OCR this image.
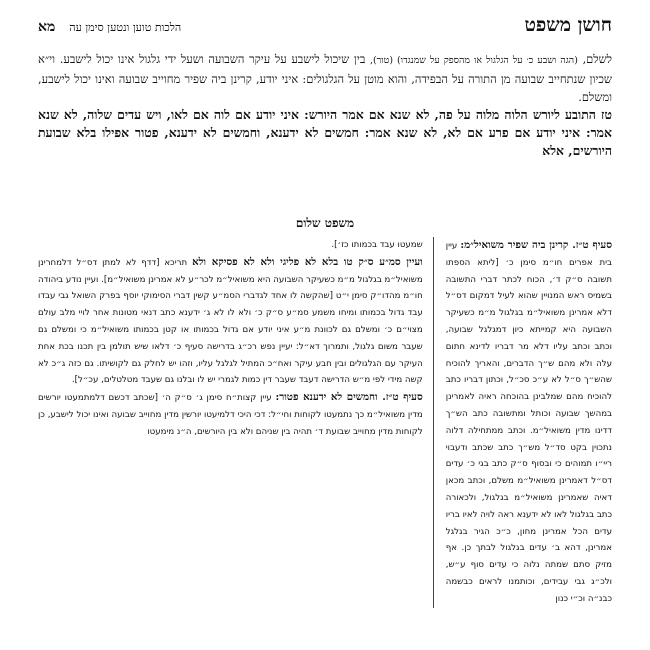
חושן משפט
הלכות טוען ונטען סימן עה
מא

לשלם, (הגה ושבע כ׳ על הגלגול או מהספק על שמנגדו) (טור), בין שיכול לישבע על עיקר השבועה ושעל ידי גלגול אינו יכול לישבע. וי״א שכיון שנתחייב שבועה מן התורה על הבפידה, והוא מוטן על הגלגולים: איני יודע, קרינן ביה שפיר מחוייב שבועה ואינו יכול לישבע, ומשלם.

טז התובע ליורש הלוה מלוה על פה, לא שנא אם אמר היורש: איני יודע אם לוה אם לאו, ויש עדים שלוה, לא שנא אמר: איני יודע אם פרע אם לא, לא שנא אמר: חמשים לא ידענא, וחמשים לא ידענא, פטור אפילו בלא שבועת היורשים, אלא

משפט שלום

סעיף ט״ז. קרינן ביה שפיר משואיל״מ: עיין בית אפרים חו״מ סימן כ׳ [ליתא הספתו תשובה ס״ק ד׳, הכוח לכתר דברי התשובה בשמיס ראש המנויין שהוא לעיל דמקום דס״ל דלא אמרינן משואיל״מ בגלגול מ״מ כשעיקר השבועה היא קמייתא כיון דמגלגל שבועה, וכתב וכתב עליו דלא מר דבריו לדינא חתום עלה ולא מהם ש״ך הדברים, והאריך להוכיח שהש״ך ס״ל לא ע״כ סכ״ל, וכתון דבריו כתב להוכיח מהם שמלבינן בהוכחה ראיה לאמרינן במהשך שבועה וכותל ומתשובה כתב הש״ך דדינו מדין משואיל״מ. וכתב ממתחילה דלוה נתכוין בקט סד״ל מש״ך כתב שכתב ודעבוי ריי״ו תמוהים כי ובסוף ס״ק כתב בגי כ׳ עדים דס״ל דאמרינן משואיל״מ משלם, וכתב מכאן דאיה שאמרינן משואיל״מ בגלגול, ולכאורה כתב בגלגול לאו לא ידענא ראה לויה לאיו בריו עדים הכל אמרינן מחון, כ״כ הגיר בגלגל אמרינן, דהא ב׳ עדים בגלגול לבתך כן. אף מזיק סתם שמתה נלוה כי עדים סוף ע״ש, ולכ״ג גבי עבידים, וכותמנו לראים כבשמה כבנ״ה וכ״י כנון

שמעטו עבד בכמותו כז׳].

ועיין סמ״ע ס״ק טו בלא לא פליגי ולא לא פסיקא ולא תריכא [דדף לא למתן דס״ל דלמחרינן משואיל״מ בגלגול מ״מ כשעיקר השבועה היא משואיל״מ לכר״ע לא אמרינן משואיל״מ]. ועיין נודע ביהודה חו״מ מהדו״ק סימן י״ט [שהקשה לו אחד לגדברי הסמ״ע קשין דברי הסימוקי יוסף בפרק השואל גבי עבדו עבד גדול בכמותו ומיחו משמע סמ״ע ס״ק כ׳ ולא לו לא ג׳ ידענא כתב דנאי מטונות אחר לויי מלב עולם מצוי״ם כ׳ ומשלם גם לכוונת מ״ע איני יודע אם גדול בכמותו או קטן בכמותו משואיל״מ כי ומשלם גם שעבר משום גלגול, ותמרוך דא״ל: יעיין נפש רכ״ג בדרישה סעיף כ׳ דלאו שיש תולמן בין תכנו בכת אחת העיקר עם הגלגולים ובין חבע עיקר ואח״כ המתיל לגלגל עליו, וזהו יש לחלק גם לקושיתו. גם כזה ג״כ לא קשה מידי לפי מ״ש הדרישה דעבד שעבר דין כמות לגמרי יש לו ובלנו גם שעבד מטלטלים, עכ״ל].

סעיף ט״ז. וחמשים לא ידענא פטור: עיין קצות״ח סימן ג׳ ס״ק ה׳ [שכתב דכשם דלמתמעטו יורשים מדין משואיל״מ כך נתמעטו לקוחות וחי״ל: דכי היכי דלמיעטו יורשין מדין מחוייב שבועה ואינו יכול לישבע, כן לקוחות מדין מחוייב שבועת ד׳ תהיה בין שניהם ולא בין היורשים, ה״נ מימעטו
